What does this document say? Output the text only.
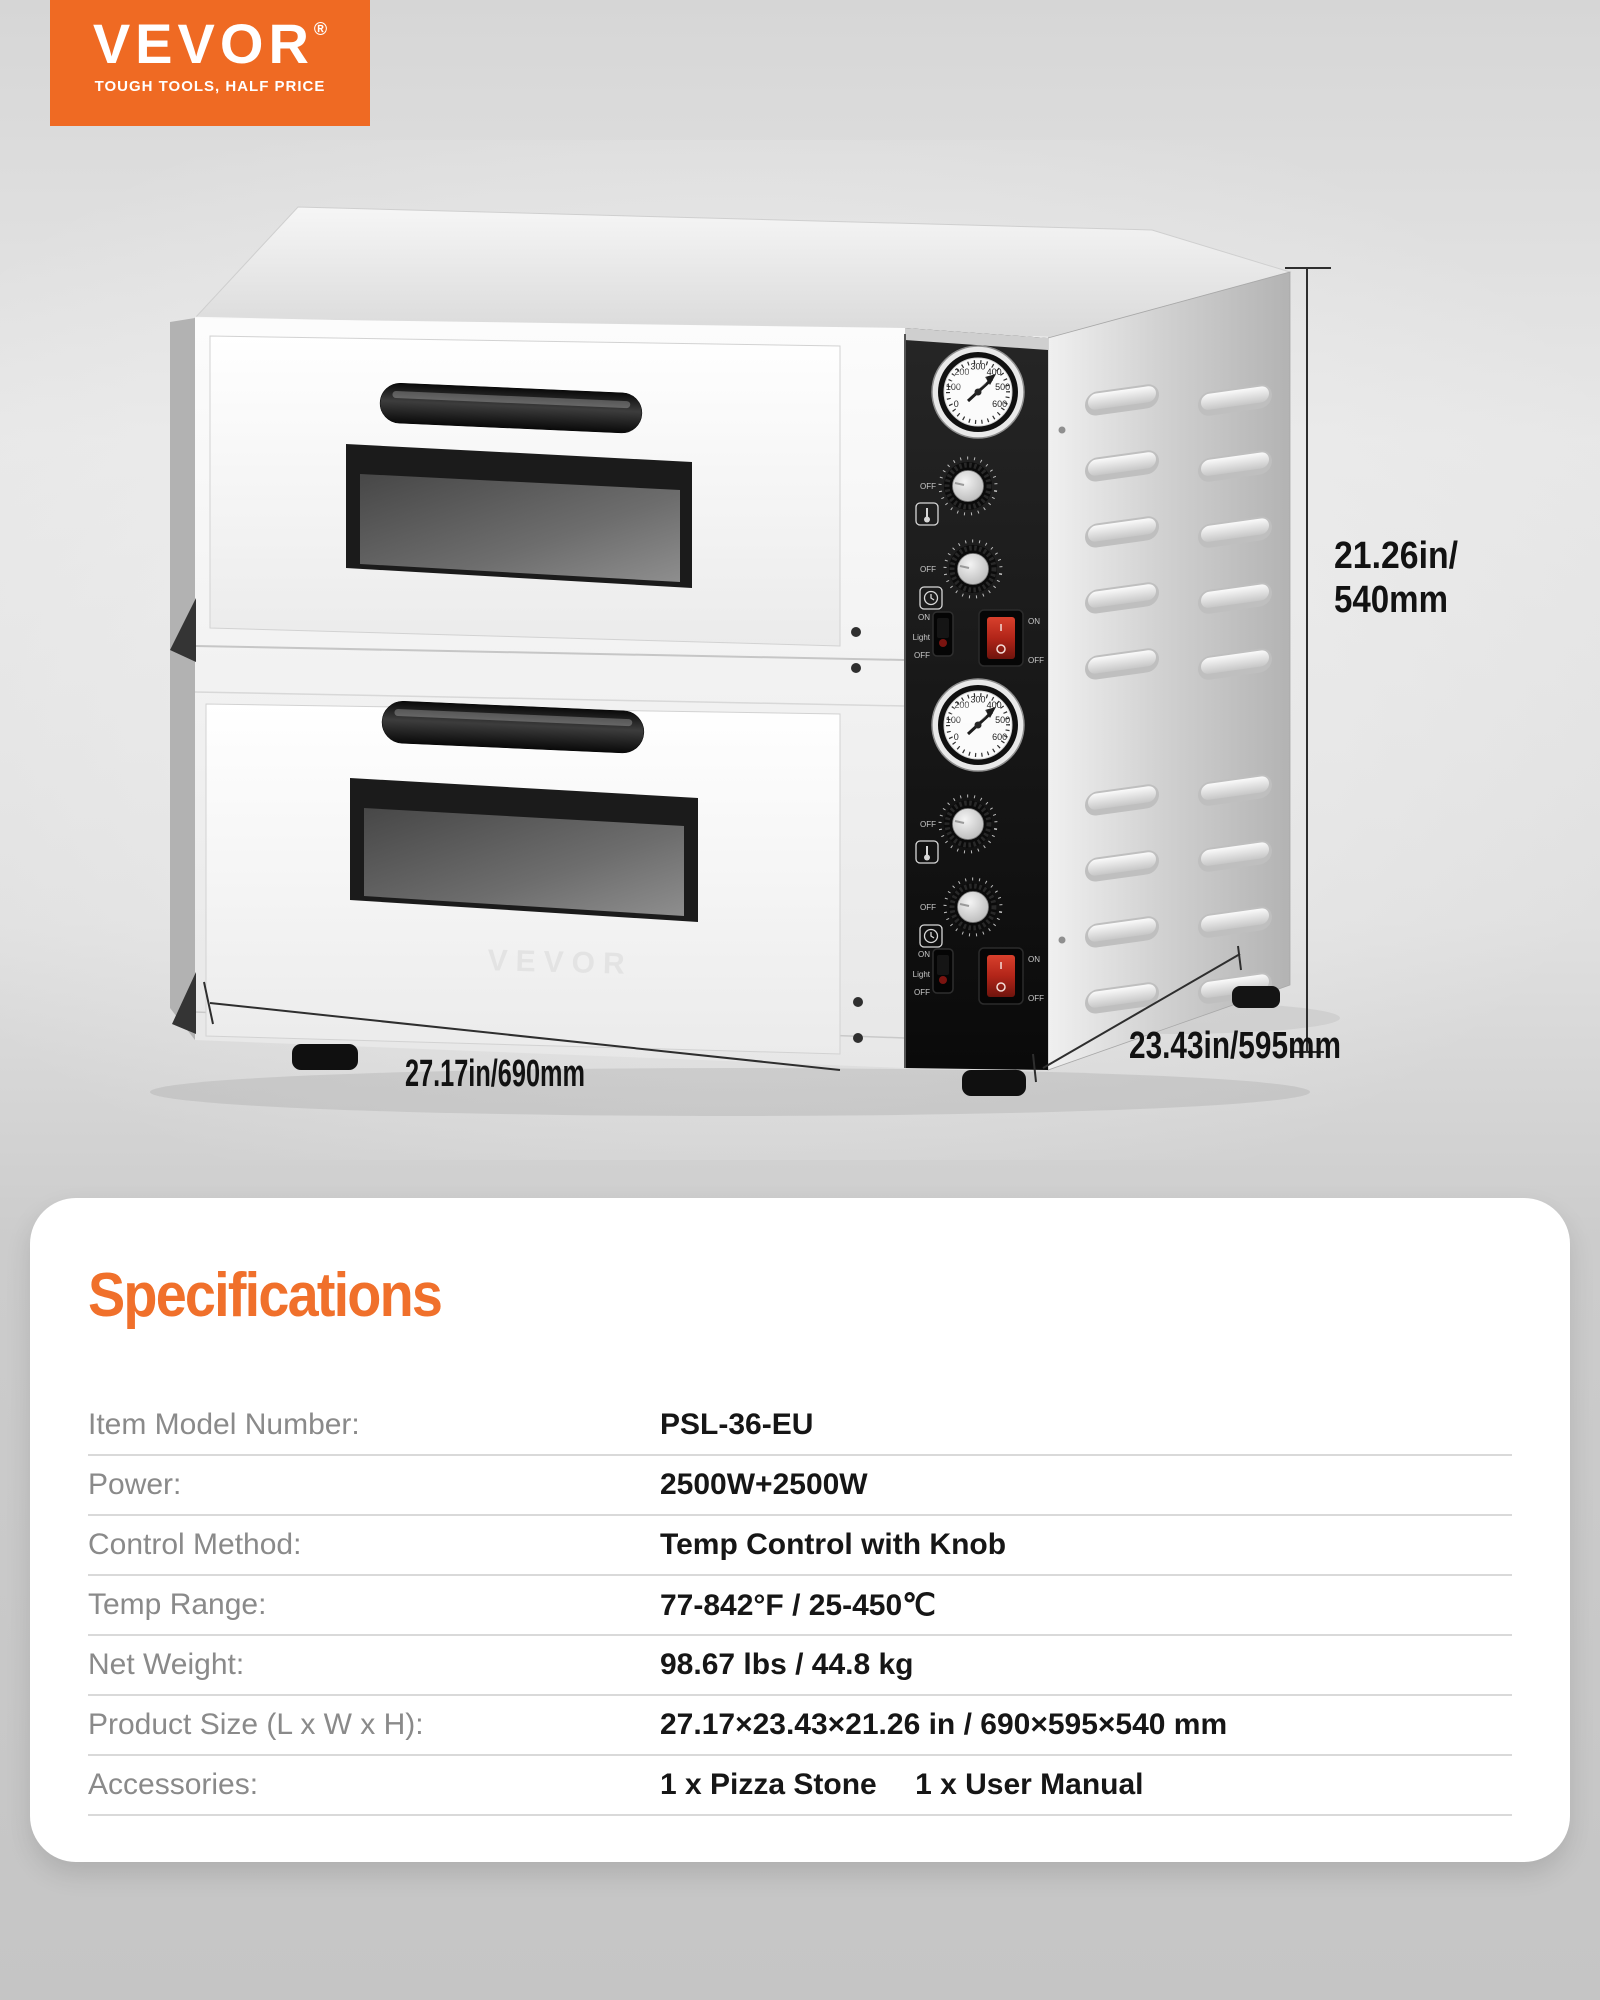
VEVOR®
TOUGH TOOLS, HALF PRICE
600
VEVOR
OFF
OFF
ON
Light
OFF
ON
OFF
OFF
OFF
ON
Light
OFF
ON
OFF
21.26in/
540mm
27.17in/690mm
23.43in/595mm
Specifications
Item Model Number:	PSL-36-EU
Power:	2500W+2500W
Control Method:	Temp Control with Knob
Temp Range:	77-842°F / 25-450℃
Net Weight:	98.67 lbs / 44.8 kg
Product Size (L x W x H):	27.17×23.43×21.26 in / 690×595×540 mm
Accessories:	1 x Pizza Stone  1 x User Manual
